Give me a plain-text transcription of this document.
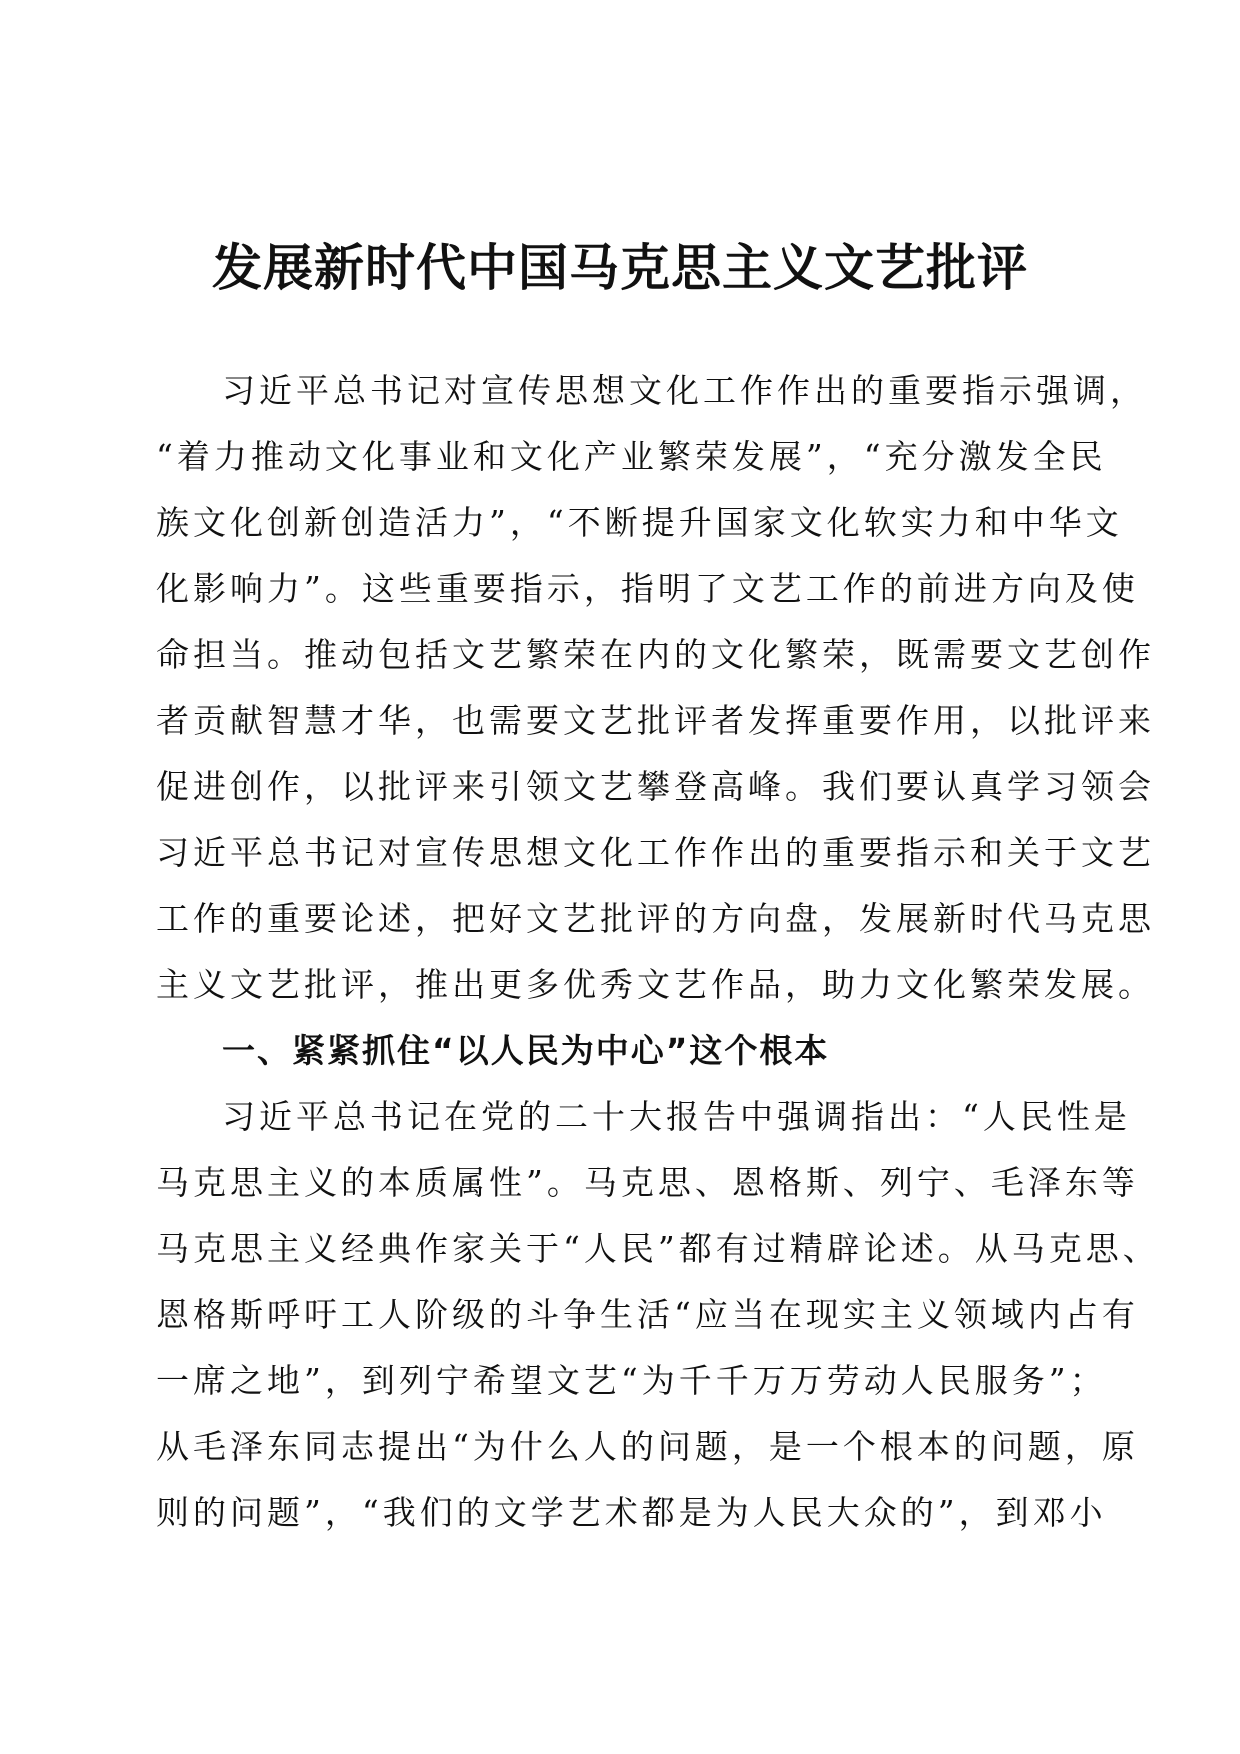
发展新时代中国马克思主义文艺批评
习近平总书记对宣传思想文化工作作出的重要指示强调，
“着力推动文化事业和文化产业繁荣发展”，“充分激发全民
族文化创新创造活力”，“不断提升国家文化软实力和中华文
化影响力”。这些重要指示，指明了文艺工作的前进方向及使
命担当。推动包括文艺繁荣在内的文化繁荣，既需要文艺创作
者贡献智慧才华，也需要文艺批评者发挥重要作用，以批评来
促进创作，以批评来引领文艺攀登高峰。我们要认真学习领会
习近平总书记对宣传思想文化工作作出的重要指示和关于文艺
工作的重要论述，把好文艺批评的方向盘，发展新时代马克思
主义文艺批评，推出更多优秀文艺作品，助力文化繁荣发展。
一、紧紧抓住“以人民为中心”这个根本
习近平总书记在党的二十大报告中强调指出：“人民性是
马克思主义的本质属性”。马克思、恩格斯、列宁、毛泽东等
马克思主义经典作家关于“人民”都有过精辟论述。从马克思、
恩格斯呼吁工人阶级的斗争生活“应当在现实主义领域内占有
一席之地”，到列宁希望文艺“为千千万万劳动人民服务”；
从毛泽东同志提出“为什么人的问题，是一个根本的问题，原
则的问题”，“我们的文学艺术都是为人民大众的”，到邓小
